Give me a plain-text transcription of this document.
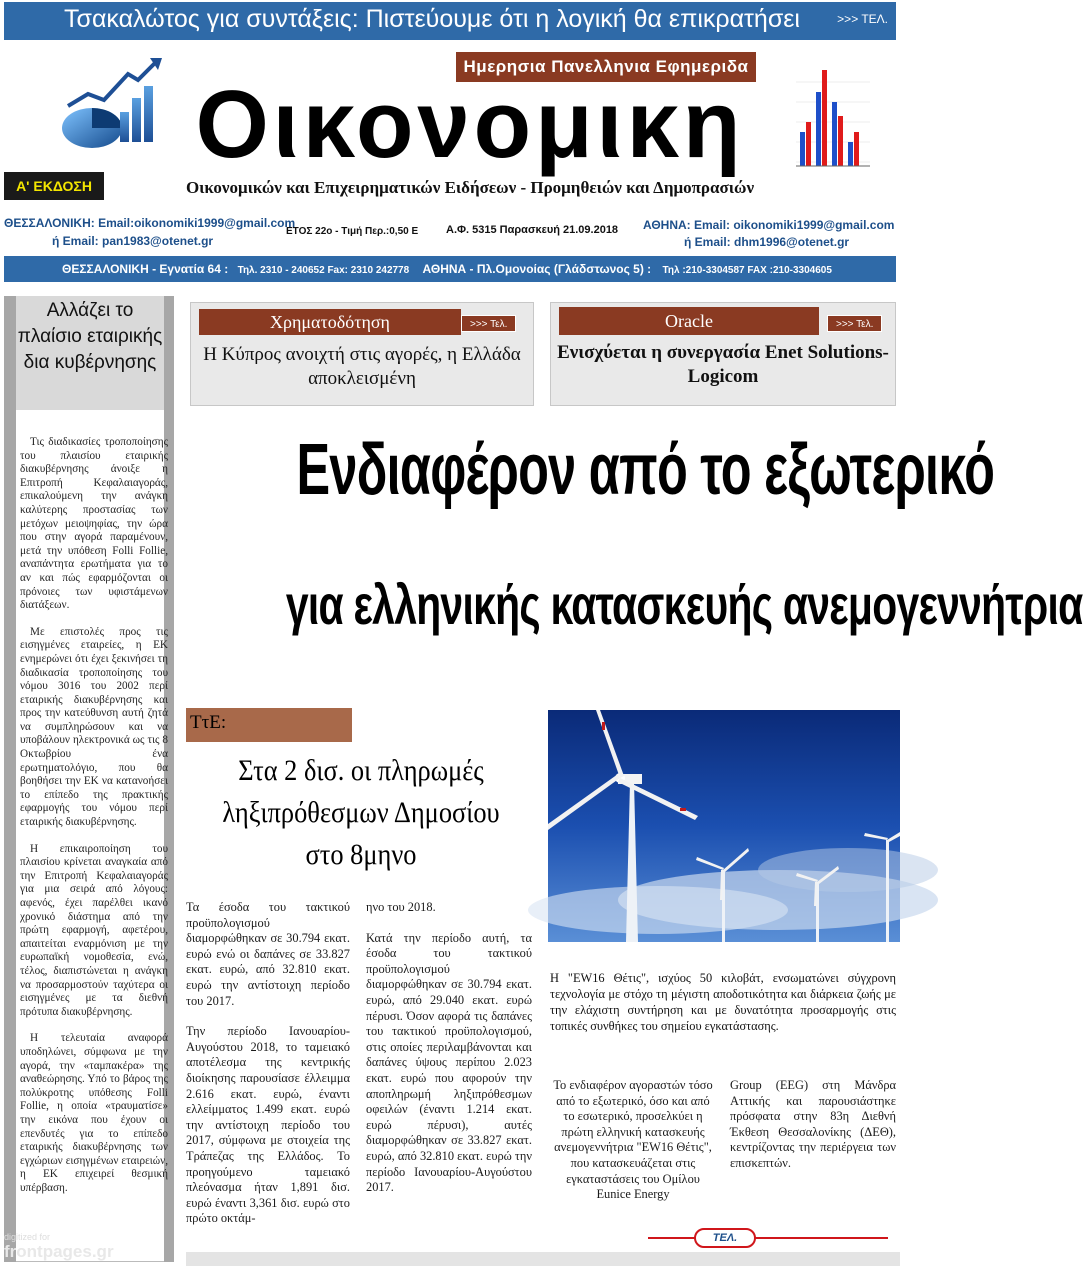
Τσακαλώτος για συντάξεις: Πιστεύουμε ότι η λογική θα επικρατήσει	>>> ΤΕΛ.
Ημερησια Πανελληνια Εφημεριδα
Οικονομικη
Οικονομικών και Επιχειρηματικών Ειδήσεων - Προμηθειών και Δημοπρασιών
Α' ΕΚΔΟΣΗ
ΘΕΣΣΑΛΟΝΙΚΗ: Email:oikonomiki1999@gmail.com
ή Email: pan1983@otenet.gr
ΕΤΟΣ 22ο - Τιμή Περ.:0,50 Ε	Α.Φ. 5315 Παρασκευή 21.09.2018 ΑΘΗΝΑ: Email: oikonomiki1999@gmail.com
ή Email: dhm1996@otenet.gr
ΘΕΣΣΑΛΟΝΙΚΗ - Εγνατία 64 : Τηλ. 2310 - 240652 Fax: 2310 242778 ΑΘΗΝΑ - Πλ.Ομονοίας (Γλάδστωνος 5) : Τηλ :210-3304587 FAX :210-3304605
Αλλάζει το πλαίσιο εταιρικής δια κυβέρνησης

Τις διαδικασίες τροποποίησης του πλαισίου εταιρικής διακυβέρνησης άνοιξε η Επιτροπή Κεφαλαιαγοράς, επικαλούμενη την ανάγκη καλύτερης προστασίας των μετόχων μειοψηφίας, την ώρα που στην αγορά παραμένουν, μετά την υπόθεση Folli Follie, αναπάντητα ερωτήματα για το αν και πώς εφαρμόζονται οι πρόνοιες των υφιστάμενων διατάξεων.

Με επιστολές προς τις εισηγμένες εταιρείες, η ΕΚ ενημερώνει ότι έχει ξεκινήσει τη διαδικασία τροποποίησης του νόμου 3016 του 2002 περί εταιρικής διακυβέρνησης και προς την κατεύθυνση αυτή ζητά να συμπληρώσουν και να υποβάλουν ηλεκτρονικά ως τις 8 Οκτωβρίου ένα ερωτηματολόγιο, που θα βοηθήσει την ΕΚ να κατανοήσει το επίπεδο της πρακτικής εφαρμογής του νόμου περί εταιρικής διακυβέρνησης.

Η επικαιροποίηση του πλαισίου κρίνεται αναγκαία από την Επιτροπή Κεφαλαιαγοράς για μια σειρά από λόγους: αφενός, έχει παρέλθει ικανό χρονικό διάστημα από την πρώτη εφαρμογή, αφετέρου, απαιτείται εναρμόνιση με την ευρωπαϊκή νομοθεσία, ενώ, τέλος, διαπιστώνεται η ανάγκη να προσαρμοστούν ταχύτερα οι εισηγμένες με τα διεθνή πρότυπα διακυβέρνησης.

Η τελευταία αναφορά υποδηλώνει, σύμφωνα με την αγορά, την «ταμπακέρα» της αναθεώρησης. Υπό το βάρος της πολύκροτης υπόθεσης Folli Follie, η οποία «τραυματίσε» την εικόνα που έχουν οι επενδυτές για το επίπεδο εταιρικής διακυβέρνησης των εγχώριων εισηγμένων εταιρειών, η ΕΚ επιχειρεί θεσμική υπέρβαση.

Χρηματοδότηση	>>> Τελ.
Η Κύπρος ανοιχτή στις αγορές, η Ελλάδα αποκλεισμένη
Oracle	>>> Τελ.
Ενισχύεται η συνεργασία Enet Solutions-Logicom
Ενδιαφέρον από το εξωτερικό
για ελληνικής κατασκευής ανεμογεννήτρια
ΤτΕ:
Στα 2 δισ. οι πληρωμές ληξιπρόθεσμων Δημοσίου στο 8μηνο

Τα έσοδα του τακτικού προϋπολογισμού διαμορφώθηκαν σε 30.794 εκατ. ευρώ ενώ οι δαπάνες σε 33.827 εκατ. ευρώ, από 32.810 εκατ. ευρώ την αντίστοιχη περίοδο του 2017.

Την περίοδο Ιανουαρίου-Αυγούστου 2018, το ταμειακό αποτέλεσμα της κεντρικής διοίκησης παρουσίασε έλλειμμα 2.616 εκατ. ευρώ, έναντι ελλείμματος 1.499 εκατ. ευρώ την αντίστοιχη περίοδο του 2017, σύμφωνα με στοιχεία της Τράπεζας της Ελλάδος. Το προηγούμενο ταμειακό πλεόνασμα ήταν 1,891 δισ. ευρώ έναντι 3,361 δισ. ευρώ στο πρώτο οκτάμ-

ηνο του 2018.

Κατά την περίοδο αυτή, τα έσοδα του τακτικού προϋπολογισμού διαμορφώθηκαν σε 30.794 εκατ. ευρώ, από 29.040 εκατ. ευρώ πέρυσι. Όσον αφορά τις δαπάνες του τακτικού προϋπολογισμού, στις οποίες περιλαμβάνονται και δαπάνες ύψους περίπου 2.023 εκατ. ευρώ που αφορούν την αποπληρωμή ληξιπρόθεσμων οφειλών (έναντι 1.214 εκατ. ευρώ πέρυσι), αυτές διαμορφώθηκαν σε 33.827 εκατ. ευρώ, από 32.810 εκατ. ευρώ την περίοδο Ιανουαρίου-Αυγούστου 2017.

Η "EW16 Θέτις", ισχύος 50 κιλοβάτ, ενσωματώνει σύγχρονη τεχνολογία με στόχο τη μέγιστη αποδοτικότητα και διάρκεια ζωής με την ελάχιστη συντήρηση και με δυνατότητα προσαρμογής στις τοπικές συνθήκες του σημείου εγκατάστασης.

Το ενδιαφέρον αγοραστών τόσο από το εξωτερικό, όσο και από το εσωτερικό, προσελκύει η πρώτη ελληνική κατασκευής ανεμογεννήτρια "EW16 Θέτις", που κατασκευάζεται στις εγκαταστάσεις του Ομίλου Eunice Energy

Group (EEG) στη Μάνδρα Αττικής και παρουσιάστηκε πρόσφατα στην 83η Διεθνή Έκθεση Θεσσαλονίκης (ΔΕΘ), κεντρίζοντας την περιέργεια των επισκεπτών.

ΤΕΛ.
digitized for
frontpages.gr
